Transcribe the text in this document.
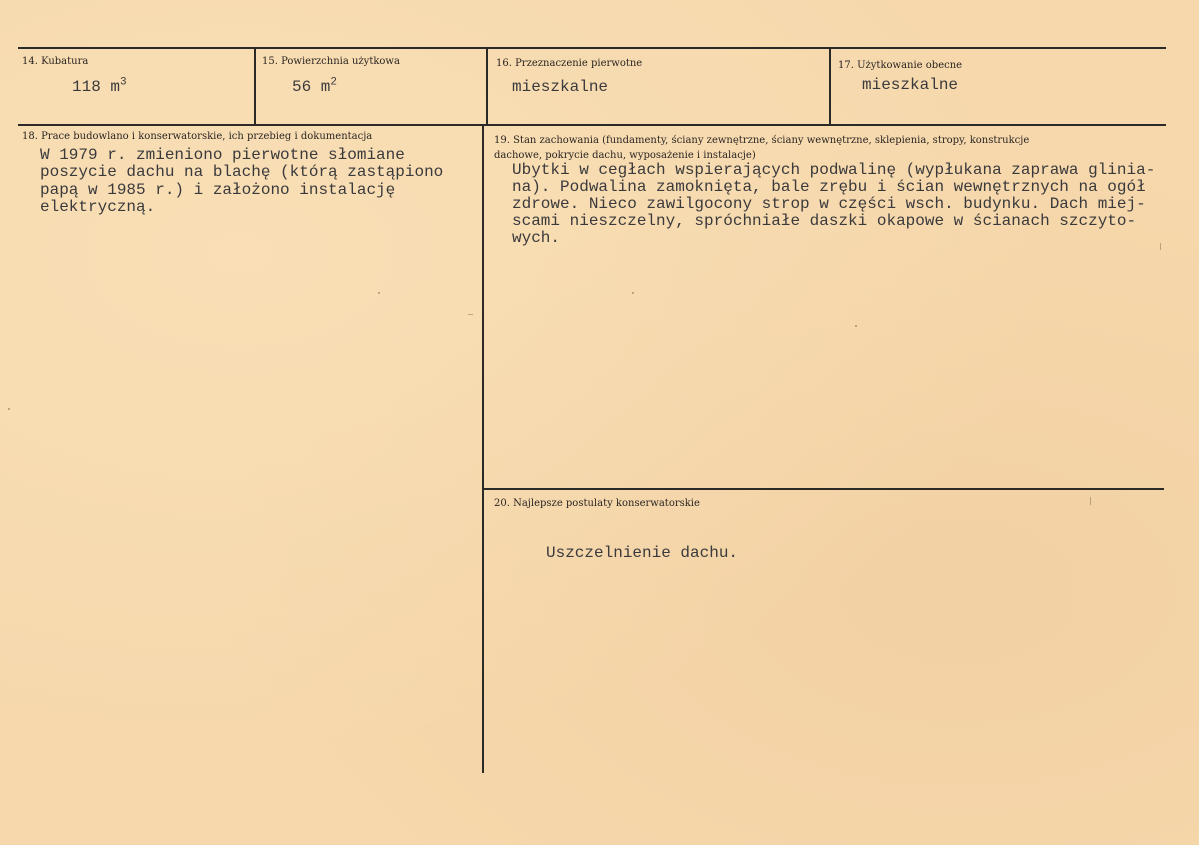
14. Kubatura
118 $m^3$
15. Powierzchnia użytkowa
56 $m^2$
16. Przeznaczenie pierwotne
mieszkalne
17. Użytkowanie obecne
mieszkalne
18. Prace budowlano i konserwatorskie, ich przebieg i dokumentacja
W 1979 r. zmieniono pierwotne słomiane
poszycie dachu na blachę (którą zastąpiono
papą w 1985 r.) i założono instalację
elektryczną.
19. Stan zachowania (fundamenty, ściany zewnętrzne, ściany wewnętrzne, sklepienia, stropy, konstrukcje
dachowe, pokrycie dachu, wyposażenie i instalacje)
Ubytki w cegłach wspierających podwalinę (wypłukana zaprawa glinia-
na). Podwalina zamoknięta, bale zrębu i ścian wewnętrznych na ogół
zdrowe. Nieco zawilgocony strop w części wsch. budynku. Dach miej-
scami nieszczelny, spróchniałe daszki okapowe w ścianach szczyto-
wych.
20. Najlepsze postulaty konserwatorskie
Uszczelnienie dachu.
